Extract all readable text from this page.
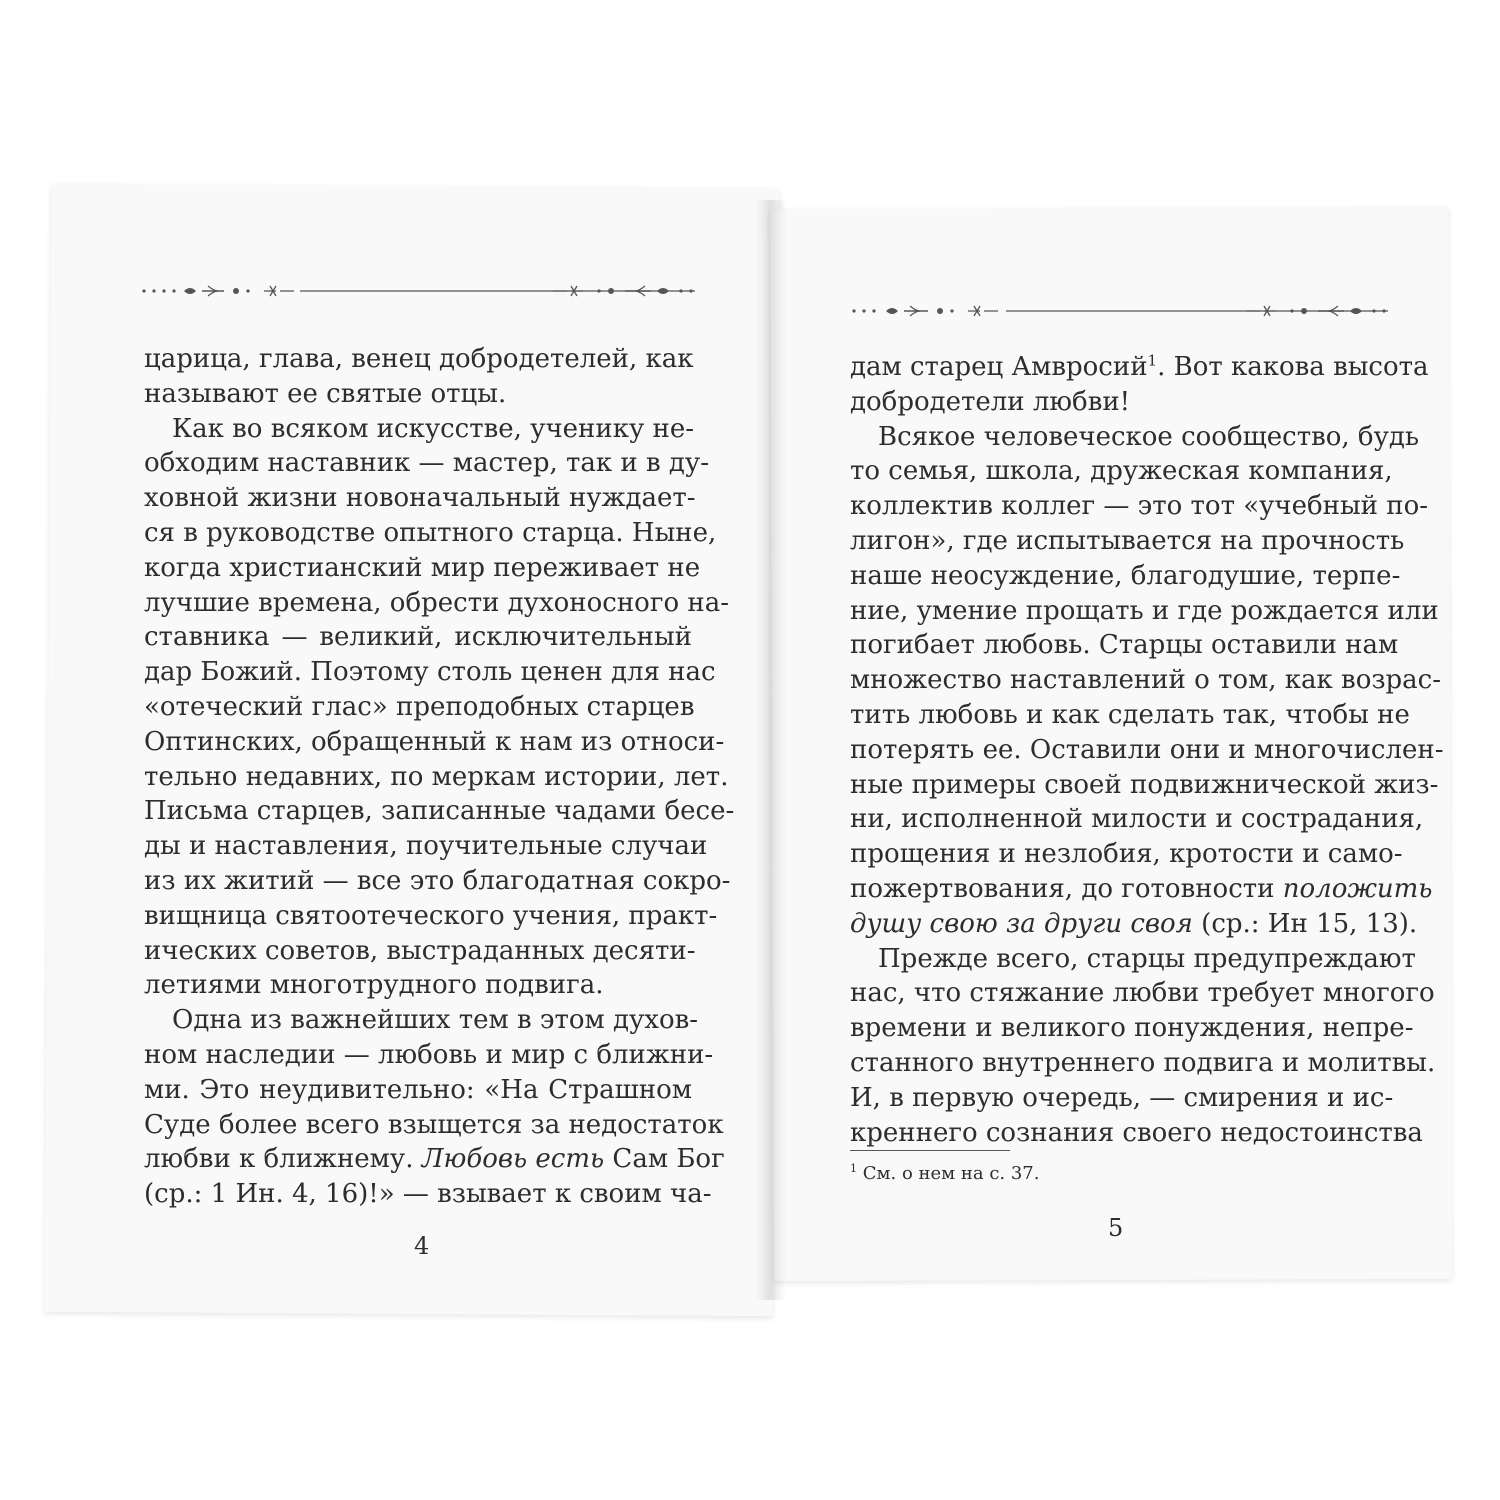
царица, глава, венец добродетелей, как
называют ее святые отцы.
Как во всяком искусстве, ученику не-
обходим наставник — мастер, так и в ду-
ховной жизни новоначальный нуждает-
ся в руководстве опытного старца. Ныне,
когда христианский мир переживает не
лучшие времена, обрести духоносного на-
ставника — великий, исключительный
дар Божий. Поэтому столь ценен для нас
«отеческий глас» преподобных старцев
Оптинских, обращенный к нам из относи-
тельно недавних, по меркам истории, лет.
Письма старцев, записанные чадами бесе-
ды и наставления, поучительные случаи
из их житий — все это благодатная сокро-
вищница святоотеческого учения, практ-
ических советов, выстраданных десяти-
летиями многотрудного подвига.
Одна из важнейших тем в этом духов-
ном наследии — любовь и мир с ближни-
ми. Это неудивительно: «На Страшном
Суде более всего взыщется за недостаток
любви к ближнему. Любовь есть Сам Бог
(ср.: 1 Ин. 4, 16)!» — взывает к своим ча-
4
дам старец Амвросий$^1$. Вот какова высота
добродетели любви!
Всякое человеческое сообщество, будь
то семья, школа, дружеская компания,
коллектив коллег — это тот «учебный по-
лигон», где испытывается на прочность
наше неосуждение, благодушие, терпе-
ние, умение прощать и где рождается или
погибает любовь. Старцы оставили нам
множество наставлений о том, как возрас-
тить любовь и как сделать так, чтобы не
потерять ее. Оставили они и многочислен-
ные примеры своей подвижнической жиз-
ни, исполненной милости и сострадания,
прощения и незлобия, кротости и само-
пожертвования, до готовности положить
душу свою за други своя (ср.: Ин 15, 13).
Прежде всего, старцы предупреждают
нас, что стяжание любви требует многого
времени и великого понуждения, непре-
станного внутреннего подвига и молитвы.
И, в первую очередь, — смирения и ис-
креннего сознания своего недостоинства
$^1$ См. о нем на с. 37.
5
